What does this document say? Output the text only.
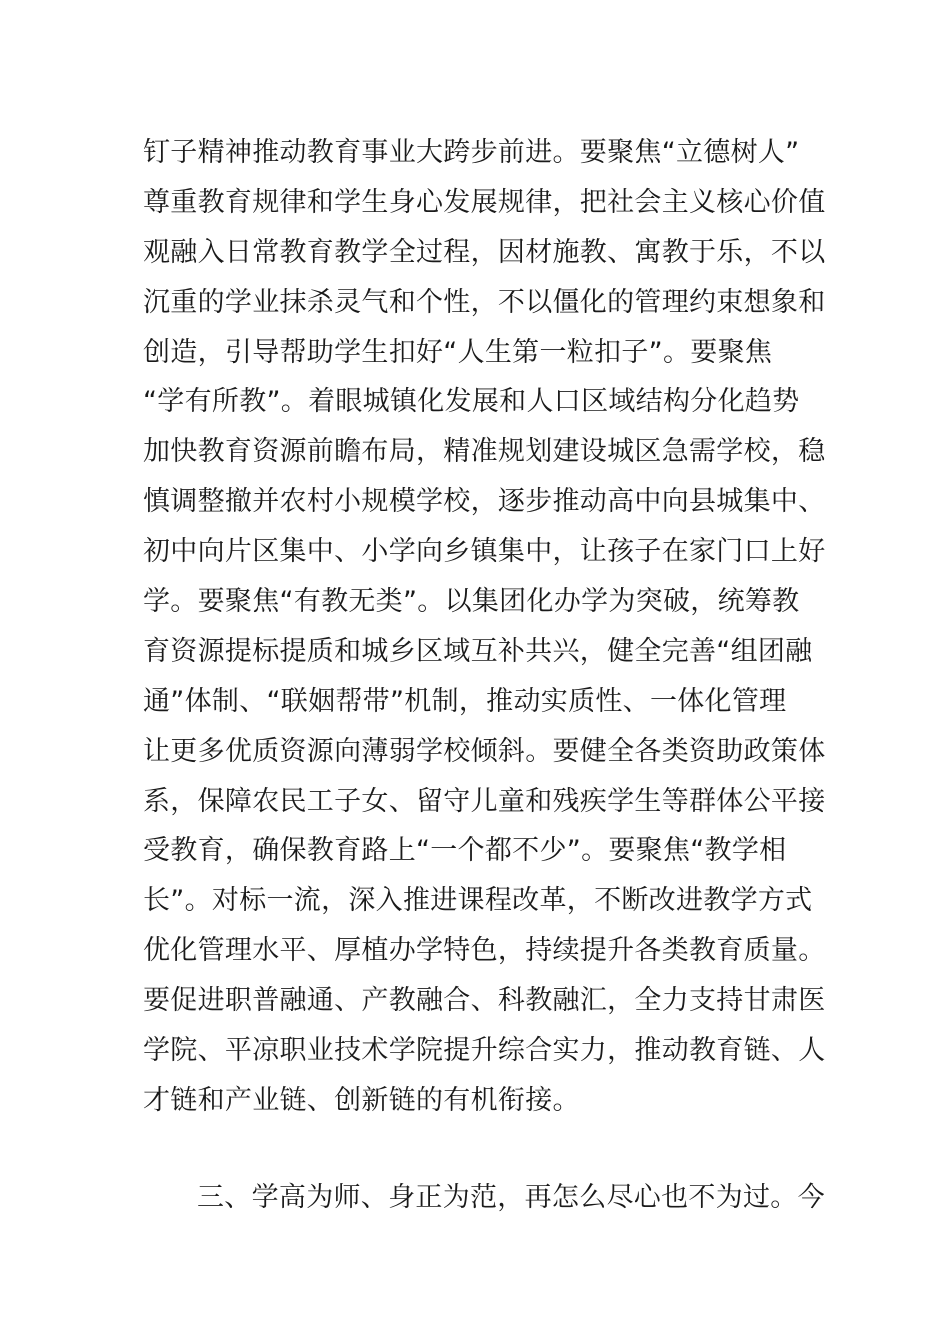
钉子精神推动教育事业大跨步前进。要聚焦“立德树人”
尊重教育规律和学生身心发展规律，把社会主义核心价值
观融入日常教育教学全过程，因材施教、寓教于乐，不以
沉重的学业抹杀灵气和个性，不以僵化的管理约束想象和
创造，引导帮助学生扣好“人生第一粒扣子”。要聚焦
“学有所教”。着眼城镇化发展和人口区域结构分化趋势
加快教育资源前瞻布局，精准规划建设城区急需学校，稳
慎调整撤并农村小规模学校，逐步推动高中向县城集中、
初中向片区集中、小学向乡镇集中，让孩子在家门口上好
学。要聚焦“有教无类”。以集团化办学为突破，统筹教
育资源提标提质和城乡区域互补共兴，健全完善“组团融
通”体制、“联姻帮带”机制，推动实质性、一体化管理
让更多优质资源向薄弱学校倾斜。要健全各类资助政策体
系，保障农民工子女、留守儿童和残疾学生等群体公平接
受教育，确保教育路上“一个都不少”。要聚焦“教学相
长”。对标一流，深入推进课程改革，不断改进教学方式
优化管理水平、厚植办学特色，持续提升各类教育质量。
要促进职普融通、产教融合、科教融汇，全力支持甘肃医
学院、平凉职业技术学院提升综合实力，推动教育链、人
才链和产业链、创新链的有机衔接。
三、学高为师、身正为范，再怎么尽心也不为过。今
